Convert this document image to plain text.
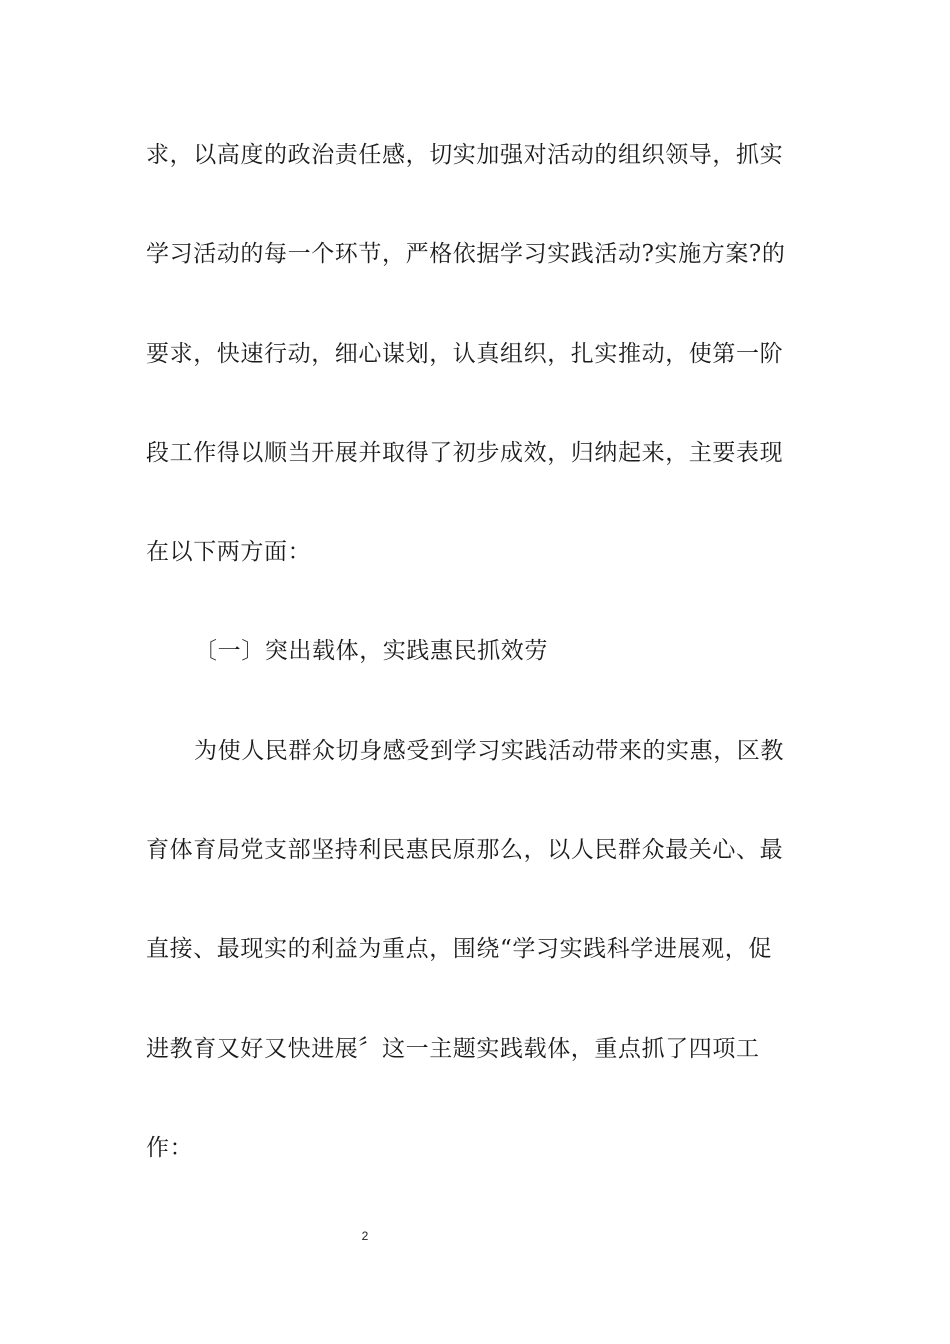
求，以高度的政治责任感，切实加强对活动的组织领导，抓实
学习活动的每一个环节，严格依据学习实践活动?实施方案?的
要求，快速行动，细心谋划，认真组织，扎实推动，使第一阶
段工作得以顺当开展并取得了初步成效，归纳起来，主要表现
在以下两方面：
〔一〕突出载体，实践惠民抓效劳
为使人民群众切身感受到学习实践活动带来的实惠，区教
育体育局党支部坚持利民惠民原那么，以人民群众最关心、最
直接、最现实的利益为重点，围绕“学习实践科学进展观，促
进教育又好又快进展〞这一主题实践载体，重点抓了四项工
作：
2
